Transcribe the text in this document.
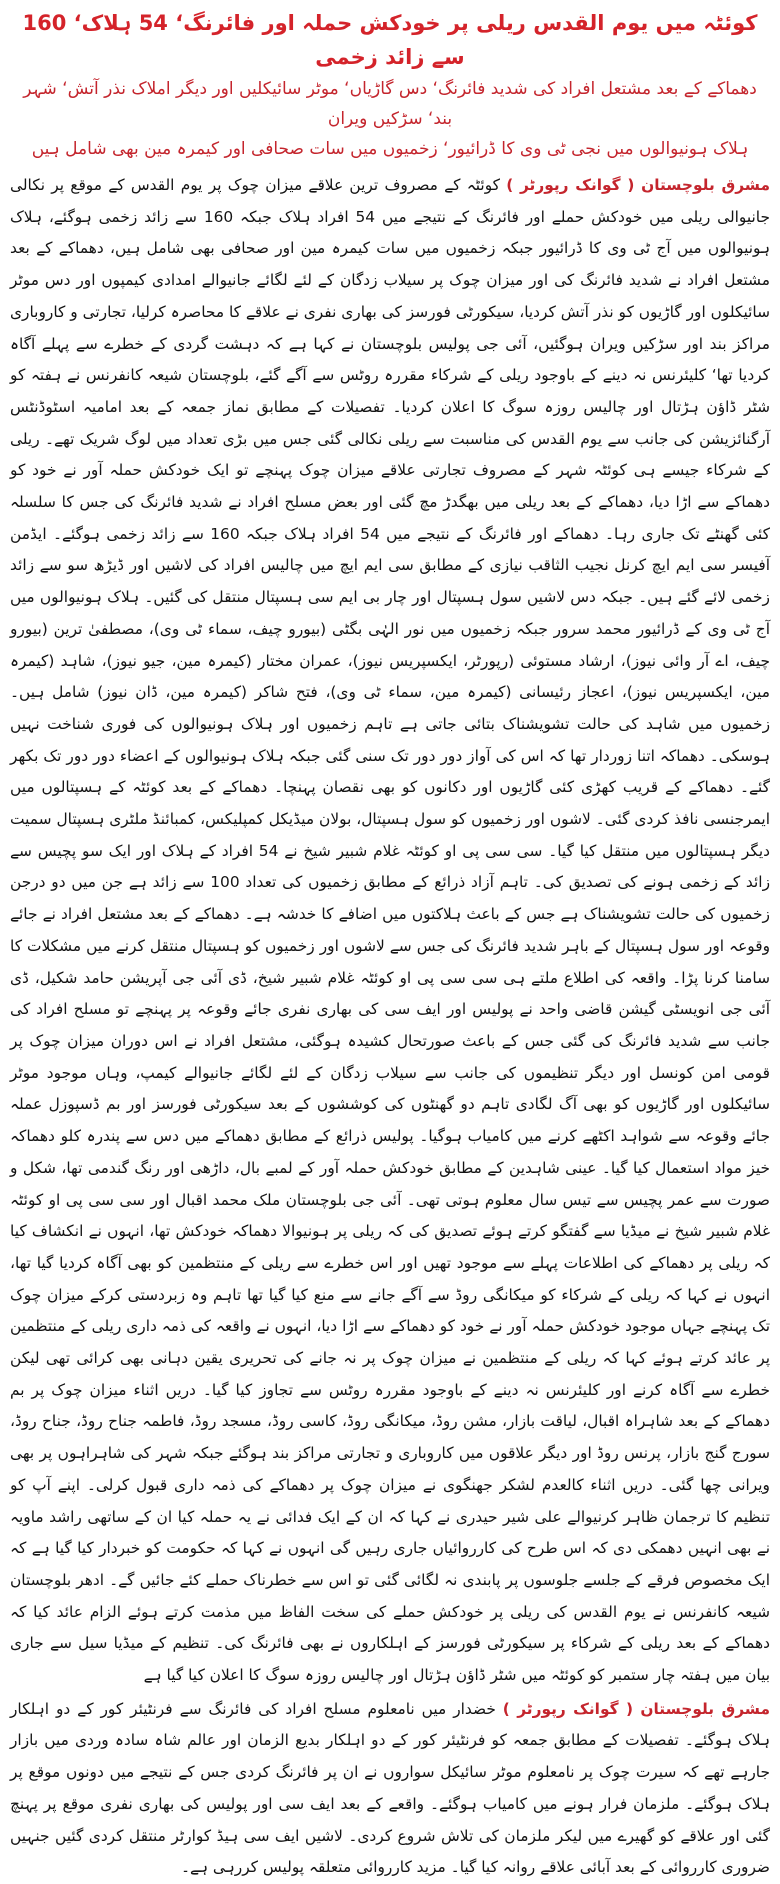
کوئٹہ میں یوم القدس ریلی پر خودکش حملہ اور فائرنگ‘ 54 ہلاک‘ 160 سے زائد زخمی

دھماکے کے بعد مشتعل افراد کی شدید فائرنگ‘ دس گاڑیاں‘ موٹر سائیکلیں اور دیگر املاک نذر آتش‘ شہر بند‘ سڑکیں ویران

ہلاک ہونیوالوں میں نجی ٹی وی کا ڈرائیور‘ زخمیوں میں سات صحافی اور کیمرہ مین بھی شامل ہیں

مشرق بلوچستان ( گوانک رپورٹر ) کوئٹہ کے مصروف ترین علاقے میزان چوک پر یوم القدس کے موقع پر نکالی جانیوالی ریلی میں خودکش حملے اور فائرنگ کے نتیجے میں 54 افراد ہلاک جبکہ 160 سے زائد زخمی ہوگئے، ہلاک ہونیوالوں میں آج ٹی وی کا ڈرائیور جبکہ زخمیوں میں سات کیمرہ مین اور صحافی بھی شامل ہیں، دھماکے کے بعد مشتعل افراد نے شدید فائرنگ کی اور میزان چوک پر سیلاب زدگان کے لئے لگائے جانیوالے امدادی کیمپوں اور دس موٹر سائیکلوں اور گاڑیوں کو نذر آتش کردیا، سیکورٹی فورسز کی بھاری نفری نے علاقے کا محاصرہ کرلیا، تجارتی و کاروباری مراکز بند اور سڑکیں ویران ہوگئیں، آئی جی پولیس بلوچستان نے کہا ہے کہ دہشت گردی کے خطرے سے پہلے آگاہ کردیا تھا‘ کلیئرنس نہ دینے کے باوجود ریلی کے شرکاء مقررہ روٹس سے آگے گئے، بلوچستان شیعہ کانفرنس نے ہفتہ کو شٹر ڈاؤن ہڑتال اور چالیس روزہ سوگ کا اعلان کردیا۔ تفصیلات کے مطابق نماز جمعہ کے بعد امامیہ اسٹوڈنٹس آرگنائزیشن کی جانب سے یوم القدس کی مناسبت سے ریلی نکالی گئی جس میں بڑی تعداد میں لوگ شریک تھے۔ ریلی کے شرکاء جیسے ہی کوئٹہ شہر کے مصروف تجارتی علاقے میزان چوک پہنچے تو ایک خودکش حملہ آور نے خود کو دھماکے سے اڑا دیا، دھماکے کے بعد ریلی میں بھگدڑ مچ گئی اور بعض مسلح افراد نے شدید فائرنگ کی جس کا سلسلہ کئی گھنٹے تک جاری رہا۔ دھماکے اور فائرنگ کے نتیجے میں 54 افراد ہلاک جبکہ 160 سے زائد زخمی ہوگئے۔ ایڈمن آفیسر سی ایم ایچ کرنل نجیب الثاقب نیازی کے مطابق سی ایم ایچ میں چالیس افراد کی لاشیں اور ڈیڑھ سو سے زائد زخمی لائے گئے ہیں۔ جبکہ دس لاشیں سول ہسپتال اور چار بی ایم سی ہسپتال منتقل کی گئیں۔ ہلاک ہونیوالوں میں آج ٹی وی کے ڈرائیور محمد سرور جبکہ زخمیوں میں نور الہٰی بگٹی (بیورو چیف، سماء ٹی وی)، مصطفیٰ ترین (بیورو چیف، اے آر وائی نیوز)، ارشاد مستوئی (رپورٹر، ایکسپریس نیوز)، عمران مختار (کیمرہ مین، جیو نیوز)، شاہد (کیمرہ مین، ایکسپریس نیوز)، اعجاز رئیسانی (کیمرہ مین، سماء ٹی وی)، فتح شاکر (کیمرہ مین، ڈان نیوز) شامل ہیں۔ زخمیوں میں شاہد کی حالت تشویشناک بتائی جاتی ہے تاہم زخمیوں اور ہلاک ہونیوالوں کی فوری شناخت نہیں ہوسکی۔ دھماکہ اتنا زوردار تھا کہ اس کی آواز دور دور تک سنی گئی جبکہ ہلاک ہونیوالوں کے اعضاء دور دور تک بکھر گئے۔ دھماکے کے قریب کھڑی کئی گاڑیوں اور دکانوں کو بھی نقصان پہنچا۔ دھماکے کے بعد کوئٹہ کے ہسپتالوں میں ایمرجنسی نافذ کردی گئی۔ لاشوں اور زخمیوں کو سول ہسپتال، بولان میڈیکل کمپلیکس، کمبائنڈ ملٹری ہسپتال سمیت دیگر ہسپتالوں میں منتقل کیا گیا۔ سی سی پی او کوئٹہ غلام شبیر شیخ نے 54 افراد کے ہلاک اور ایک سو پچیس سے زائد کے زخمی ہونے کی تصدیق کی۔ تاہم آزاد ذرائع کے مطابق زخمیوں کی تعداد 100 سے زائد ہے جن میں دو درجن زخمیوں کی حالت تشویشناک ہے جس کے باعث ہلاکتوں میں اضافے کا خدشہ ہے۔ دھماکے کے بعد مشتعل افراد نے جائے وقوعہ اور سول ہسپتال کے باہر شدید فائرنگ کی جس سے لاشوں اور زخمیوں کو ہسپتال منتقل کرنے میں مشکلات کا سامنا کرنا پڑا۔ واقعہ کی اطلاع ملتے ہی سی سی پی او کوئٹہ غلام شبیر شیخ، ڈی آئی جی آپریشن حامد شکیل، ڈی آئی جی انویسٹی گیشن قاضی واحد نے پولیس اور ایف سی کی بھاری نفری جائے وقوعہ پر پہنچے تو مسلح افراد کی جانب سے شدید فائرنگ کی گئی جس کے باعث صورتحال کشیدہ ہوگئی، مشتعل افراد نے اس دوران میزان چوک پر قومی امن کونسل اور دیگر تنظیموں کی جانب سے سیلاب زدگان کے لئے لگائے جانیوالے کیمپ، وہاں موجود موٹر سائیکلوں اور گاڑیوں کو بھی آگ لگادی تاہم دو گھنٹوں کی کوششوں کے بعد سیکورٹی فورسز اور بم ڈسپوزل عملہ جائے وقوعہ سے شواہد اکٹھے کرنے میں کامیاب ہوگیا۔ پولیس ذرائع کے مطابق دھماکے میں دس سے پندرہ کلو دھماکہ خیز مواد استعمال کیا گیا۔ عینی شاہدین کے مطابق خودکش حملہ آور کے لمبے بال، داڑھی اور رنگ گندمی تھا، شکل و صورت سے عمر پچیس سے تیس سال معلوم ہوتی تھی۔ آئی جی بلوچستان ملک محمد اقبال اور سی سی پی او کوئٹہ غلام شبیر شیخ نے میڈیا سے گفتگو کرتے ہوئے تصدیق کی کہ ریلی پر ہونیوالا دھماکہ خودکش تھا، انہوں نے انکشاف کیا کہ ریلی پر دھماکے کی اطلاعات پہلے سے موجود تھیں اور اس خطرے سے ریلی کے منتظمین کو بھی آگاہ کردیا گیا تھا، انہوں نے کہا کہ ریلی کے شرکاء کو میکانگی روڈ سے آگے جانے سے منع کیا گیا تھا تاہم وہ زبردستی کرکے میزان چوک تک پہنچے جہاں موجود خودکش حملہ آور نے خود کو دھماکے سے اڑا دیا، انہوں نے واقعہ کی ذمہ داری ریلی کے منتظمین پر عائد کرتے ہوئے کہا کہ ریلی کے منتظمین نے میزان چوک پر نہ جانے کی تحریری یقین دہانی بھی کرائی تھی لیکن خطرے سے آگاہ کرنے اور کلیئرنس نہ دینے کے باوجود مقررہ روٹس سے تجاوز کیا گیا۔ دریں اثناء میزان چوک پر بم دھماکے کے بعد شاہراہ اقبال، لیاقت بازار، مشن روڈ، میکانگی روڈ، کاسی روڈ، مسجد روڈ، فاطمہ جناح روڈ، جناح روڈ، سورج گنج بازار، پرنس روڈ اور دیگر علاقوں میں کاروباری و تجارتی مراکز بند ہوگئے جبکہ شہر کی شاہراہوں پر بھی ویرانی چھا گئی۔ دریں اثناء کالعدم لشکر جھنگوی نے میزان چوک پر دھماکے کی ذمہ داری قبول کرلی۔ اپنے آپ کو تنظیم کا ترجمان ظاہر کرنیوالے علی شیر حیدری نے کہا کہ ان کے ایک فدائی نے یہ حملہ کیا ان کے ساتھی راشد ماویہ نے بھی انہیں دھمکی دی کہ اس طرح کی کارروائیاں جاری رہیں گی انہوں نے کہا کہ حکومت کو خبردار کیا گیا ہے کہ ایک مخصوص فرقے کے جلسے جلوسوں پر پابندی نہ لگائی گئی تو اس سے خطرناک حملے کئے جائیں گے۔ ادھر بلوچستان شیعہ کانفرنس نے یوم القدس کی ریلی پر خودکش حملے کی سخت الفاظ میں مذمت کرتے ہوئے الزام عائد کیا کہ دھماکے کے بعد ریلی کے شرکاء پر سیکورٹی فورسز کے اہلکاروں نے بھی فائرنگ کی۔ تنظیم کے میڈیا سیل سے جاری بیان میں ہفتہ چار ستمبر کو کوئٹہ میں شٹر ڈاؤن ہڑتال اور چالیس روزہ سوگ کا اعلان کیا گیا ہے

مشرق بلوچستان ( گوانک رپورٹر ) خضدار میں نامعلوم مسلح افراد کی فائرنگ سے فرنٹیئر کور کے دو اہلکار ہلاک ہوگئے۔ تفصیلات کے مطابق جمعہ کو فرنٹیئر کور کے دو اہلکار بدیع الزمان اور عالم شاہ سادہ وردی میں بازار جارہے تھے کہ سیرت چوک پر نامعلوم موٹر سائیکل سواروں نے ان پر فائرنگ کردی جس کے نتیجے میں دونوں موقع پر ہلاک ہوگئے۔ ملزمان فرار ہونے میں کامیاب ہوگئے۔ واقعے کے بعد ایف سی اور پولیس کی بھاری نفری موقع پر پہنچ گئی اور علاقے کو گھیرے میں لیکر ملزمان کی تلاش شروع کردی۔ لاشیں ایف سی ہیڈ کوارٹر منتقل کردی گئیں جنہیں ضروری کارروائی کے بعد آبائی علاقے روانہ کیا گیا۔ مزید کارروائی متعلقہ پولیس کررہی ہے۔
